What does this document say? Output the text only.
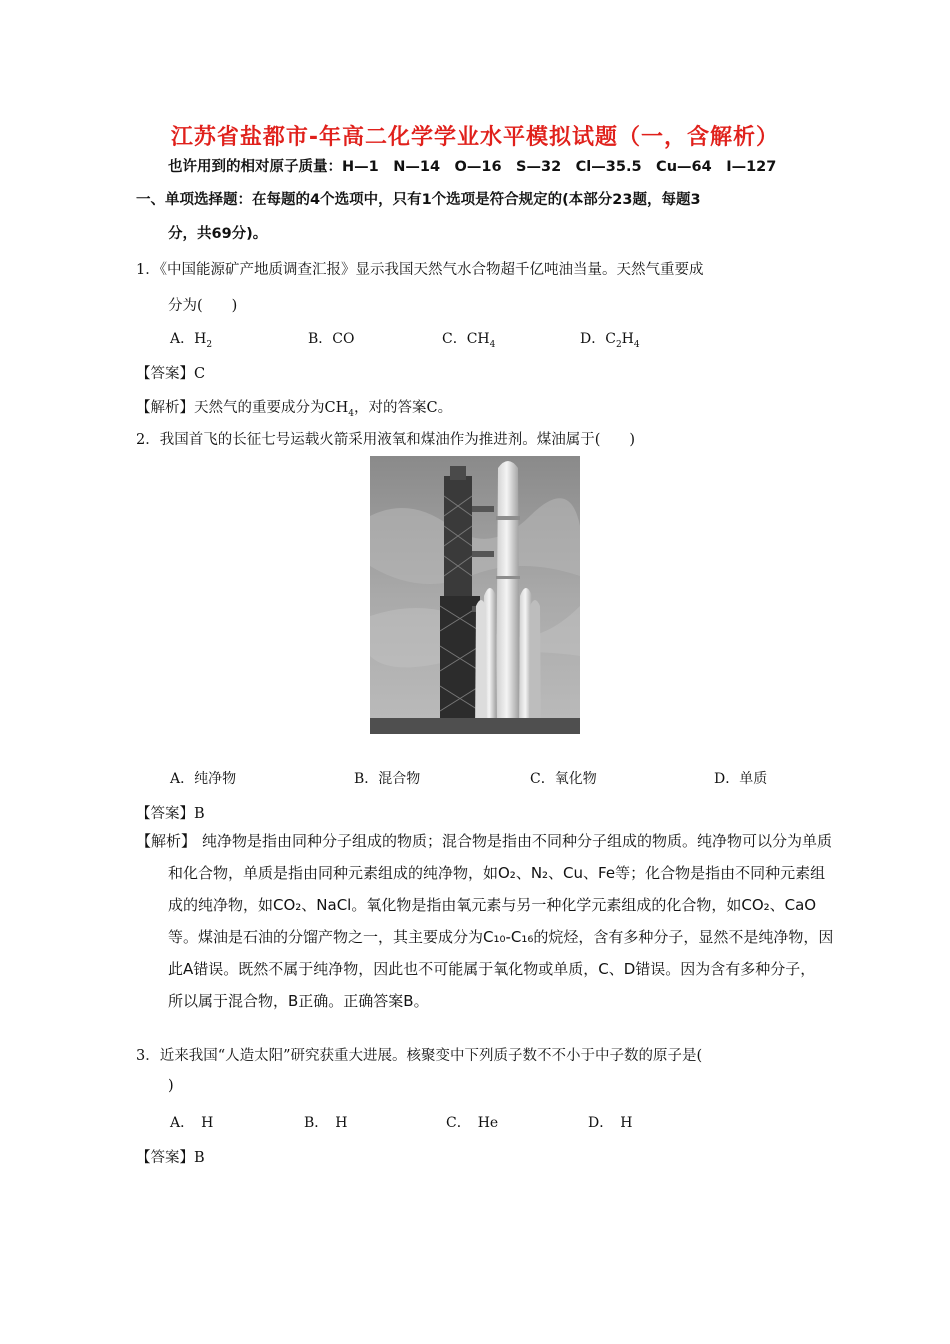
江苏省盐都市-年高二化学学业水平模拟试题（一，含解析）
也许用到的相对原子质量：H—1　N—14　O—16　S—32　Cl—35.5　Cu—64　I—127
一、单项选择题：在每题的4个选项中，只有1个选项是符合规定的(本部分23题，每题3
分，共69分)。
1．《中国能源矿产地质调查汇报》显示我国天然气水合物超千亿吨油当量。天然气重要成
分为(　　)
A．$H_2$	B．CO	C．$CH_4$	D．$C_2H_4$
【答案】C
【解析】天然气的重要成分为$CH_4$，对的答案C。
2．我国首飞的长征七号运载火箭采用液氧和煤油作为推进剂。煤油属于(　　)
A．纯净物	B．混合物	C．氧化物	D．单质
【答案】B
【解析】 纯净物是指由同种分子组成的物质；混合物是指由不同种分子组成的物质。纯净物可以分为单质
和化合物，单质是指由同种元素组成的纯净物，如O₂、N₂、Cu、Fe等；化合物是指由不同种元素组
成的纯净物，如CO₂、NaCl。氧化物是指由氧元素与另一种化学元素组成的化合物，如CO₂、CaO
等。煤油是石油的分馏产物之一，其主要成分为C₁₀-C₁₆的烷烃，含有多种分子，显然不是纯净物，因
此A错误。既然不属于纯净物，因此也不可能属于氧化物或单质，C、D错误。因为含有多种分子，
所以属于混合物，B正确。正确答案B。
3．近来我国“人造太阳”研究获重大进展。核聚变中下列质子数不不小于中子数的原子是(
)
A．　H	B．　H	C．　He	D．　H
【答案】B
